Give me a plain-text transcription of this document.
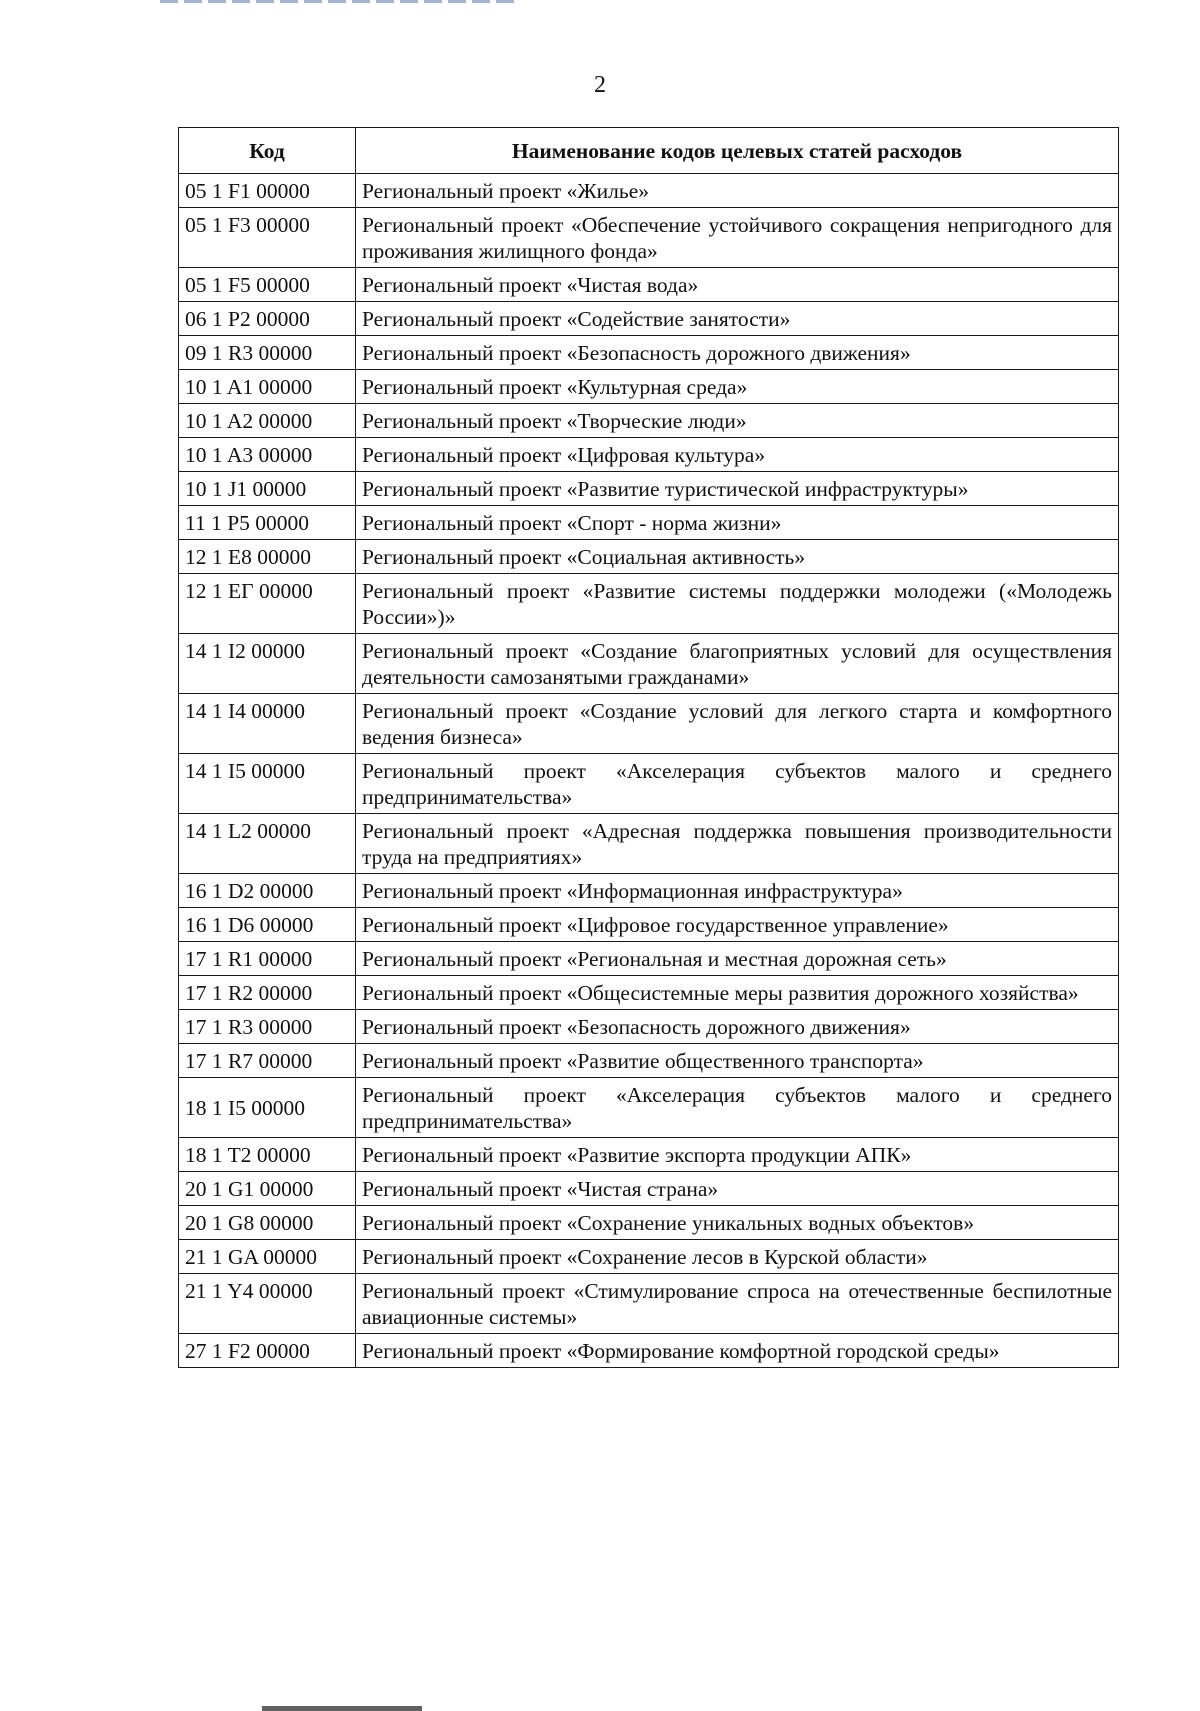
2
Код	Наименование кодов целевых статей расходов
05 1 F1 00000	Региональный проект «Жилье»
05 1 F3 00000	Региональный проект «Обеспечение устойчивого сокращения непригодного для проживания жилищного фонда»
05 1 F5 00000	Региональный проект «Чистая вода»
06 1 P2 00000	Региональный проект «Содействие занятости»
09 1 R3 00000	Региональный проект «Безопасность дорожного движения»
10 1 A1 00000	Региональный проект «Культурная среда»
10 1 A2 00000	Региональный проект «Творческие люди»
10 1 A3 00000	Региональный проект «Цифровая культура»
10 1 J1 00000	Региональный проект «Развитие туристической инфраструктуры»
11 1 P5 00000	Региональный проект «Спорт - норма жизни»
12 1 E8 00000	Региональный проект «Социальная активность»
12 1 ЕГ 00000	Региональный проект «Развитие системы поддержки молодежи («Молодежь России»)»
14 1 I2 00000	Региональный проект «Создание благоприятных условий для осуществления деятельности самозанятыми гражданами»
14 1 I4 00000	Региональный проект «Создание условий для легкого старта и комфортного ведения бизнеса»
14 1 I5 00000	Региональный проект «Акселерация субъектов малого и среднего предпринимательства»
14 1 L2 00000	Региональный проект «Адресная поддержка повышения производительности труда на предприятиях»
16 1 D2 00000	Региональный проект «Информационная инфраструктура»
16 1 D6 00000	Региональный проект «Цифровое государственное управление»
17 1 R1 00000	Региональный проект «Региональная и местная дорожная сеть»
17 1 R2 00000	Региональный проект «Общесистемные меры развития дорожного хозяйства»
17 1 R3 00000	Региональный проект «Безопасность дорожного движения»
17 1 R7 00000	Региональный проект «Развитие общественного транспорта»
18 1 I5 00000	Региональный проект «Акселерация субъектов малого и среднего предпринимательства»
18 1 T2 00000	Региональный проект «Развитие экспорта продукции АПК»
20 1 G1 00000	Региональный проект «Чистая страна»
20 1 G8 00000	Региональный проект «Сохранение уникальных водных объектов»
21 1 GA 00000	Региональный проект «Сохранение лесов в Курской области»
21 1 Y4 00000	Региональный проект «Стимулирование спроса на отечественные беспилотные авиационные системы»
27 1 F2 00000	Региональный проект «Формирование комфортной городской среды»
